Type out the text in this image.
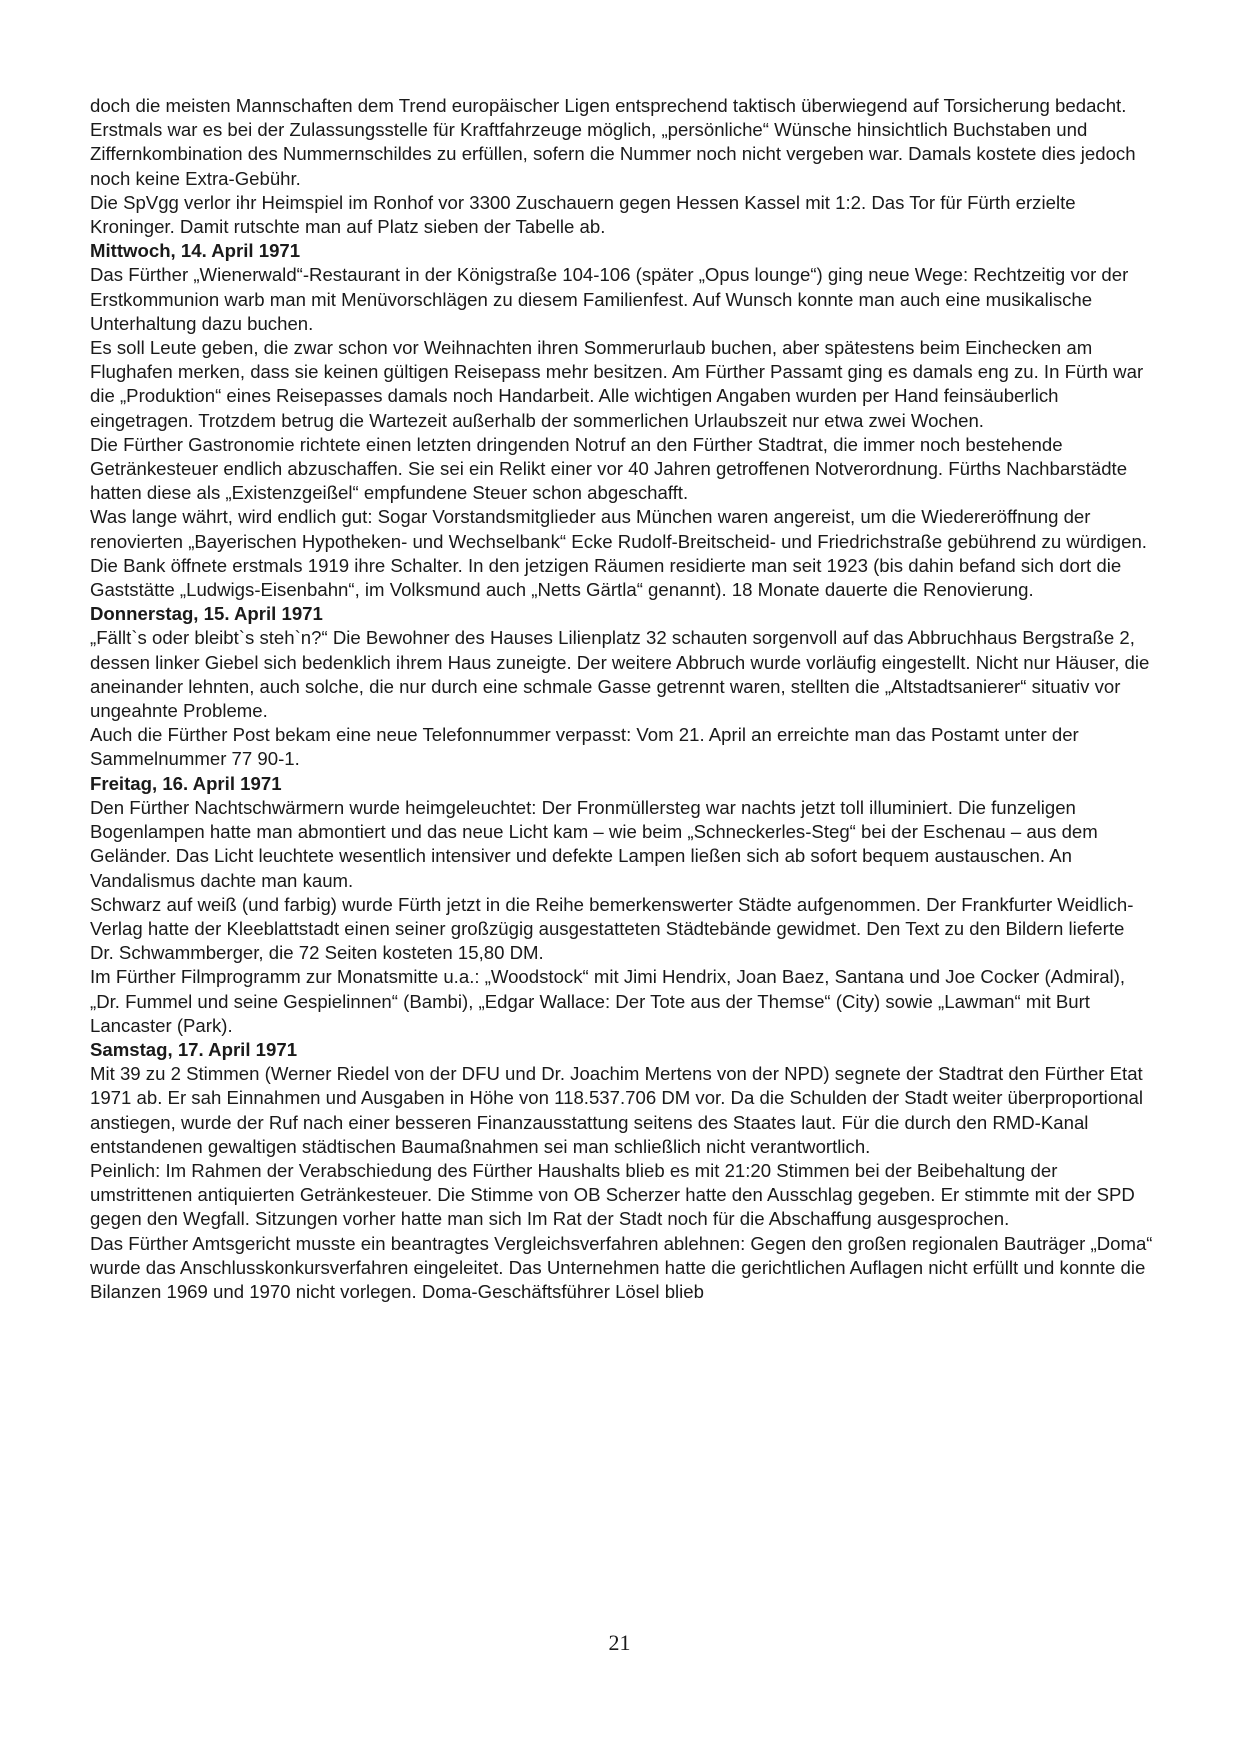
doch die meisten Mannschaften dem Trend europäischer Ligen entsprechend taktisch überwiegend auf Torsicherung bedacht.

Erstmals war es bei der Zulassungsstelle für Kraftfahrzeuge möglich, „persönliche“ Wünsche hinsichtlich Buchstaben und Ziffernkombination des Nummernschildes zu erfüllen, sofern die Nummer noch nicht vergeben war. Damals kostete dies jedoch noch keine Extra-Gebühr.

Die SpVgg verlor ihr Heimspiel im Ronhof vor 3300 Zuschauern gegen Hessen Kassel mit 1:2. Das Tor für Fürth erzielte Kroninger. Damit rutschte man auf Platz sieben der Tabelle ab.

Mittwoch, 14. April 1971

Das Fürther „Wienerwald“-Restaurant in der Königstraße 104-106 (später „Opus lounge“) ging neue Wege: Rechtzeitig vor der Erstkommunion warb man mit Menüvorschlägen zu diesem Familienfest. Auf Wunsch konnte man auch eine musikalische Unterhaltung dazu buchen.

Es soll Leute geben, die zwar schon vor Weihnachten ihren Sommerurlaub buchen, aber spätestens beim Einchecken am Flughafen merken, dass sie keinen gültigen Reisepass mehr besitzen. Am Fürther Passamt ging es damals eng zu. In Fürth war die „Produktion“ eines Reisepasses damals noch Handarbeit. Alle wichtigen Angaben wurden per Hand feinsäuberlich eingetragen. Trotzdem betrug die Wartezeit außerhalb der sommerlichen Urlaubszeit nur etwa zwei Wochen.

Die Fürther Gastronomie richtete einen letzten dringenden Notruf an den Fürther Stadtrat, die immer noch bestehende Getränkesteuer endlich abzuschaffen. Sie sei ein Relikt einer vor 40 Jahren getroffenen Notverordnung. Fürths Nachbarstädte hatten diese als „Existenzgeißel“ empfundene Steuer schon abgeschafft.

Was lange währt, wird endlich gut: Sogar Vorstandsmitglieder aus München waren angereist, um die Wiedereröffnung der renovierten „Bayerischen Hypotheken- und Wechselbank“ Ecke Rudolf-Breitscheid- und Friedrichstraße gebührend zu würdigen. Die Bank öffnete erstmals 1919 ihre Schalter. In den jetzigen Räumen residierte man seit 1923 (bis dahin befand sich dort die Gaststätte „Ludwigs-Eisenbahn“, im Volksmund auch „Netts Gärtla“ genannt). 18 Monate dauerte die Renovierung.

Donnerstag, 15. April 1971

„Fällt`s oder bleibt`s steh`n?“ Die Bewohner des Hauses Lilienplatz 32 schauten sorgenvoll auf das Abbruchhaus Bergstraße 2, dessen linker Giebel sich bedenklich ihrem Haus zuneigte. Der weitere Abbruch wurde vorläufig eingestellt. Nicht nur Häuser, die aneinander lehnten, auch solche, die nur durch eine schmale Gasse getrennt waren, stellten die „Altstadtsanierer“ situativ vor ungeahnte Probleme.

Auch die Fürther Post bekam eine neue Telefonnummer verpasst: Vom 21. April an erreichte man das Postamt unter der Sammelnummer 77 90-1.

Freitag, 16. April 1971

Den Fürther Nachtschwärmern wurde heimgeleuchtet: Der Fronmüllersteg war nachts jetzt toll illuminiert. Die funzeligen Bogenlampen hatte man abmontiert und das neue Licht kam – wie beim „Schneckerles-Steg“ bei der Eschenau – aus dem Geländer. Das Licht leuchtete wesentlich intensiver und defekte Lampen ließen sich ab sofort bequem austauschen. An Vandalismus dachte man kaum.

Schwarz auf weiß (und farbig) wurde Fürth jetzt in die Reihe bemerkenswerter Städte aufgenommen. Der Frankfurter Weidlich-Verlag hatte der Kleeblattstadt einen seiner großzügig ausgestatteten Städtebände gewidmet. Den Text zu den Bildern lieferte Dr. Schwammberger, die 72 Seiten kosteten 15,80 DM.

Im Fürther Filmprogramm zur Monatsmitte u.a.: „Woodstock“ mit Jimi Hendrix, Joan Baez, Santana und Joe Cocker (Admiral), „Dr. Fummel und seine Gespielinnen“ (Bambi), „Edgar Wallace: Der Tote aus der Themse“ (City) sowie „Lawman“ mit Burt Lancaster (Park).

Samstag, 17. April 1971

Mit 39 zu 2 Stimmen (Werner Riedel von der DFU und Dr. Joachim Mertens von der NPD) segnete der Stadtrat den Fürther Etat 1971 ab. Er sah Einnahmen und Ausgaben in Höhe von 118.537.706 DM vor. Da die Schulden der Stadt weiter überproportional anstiegen, wurde der Ruf nach einer besseren Finanzausstattung seitens des Staates laut. Für die durch den RMD-Kanal entstandenen gewaltigen städtischen Baumaßnahmen sei man schließlich nicht verantwortlich.

Peinlich: Im Rahmen der Verabschiedung des Fürther Haushalts blieb es mit 21:20 Stimmen bei der Beibehaltung der umstrittenen antiquierten Getränkesteuer. Die Stimme von OB Scherzer hatte den Ausschlag gegeben. Er stimmte mit der SPD gegen den Wegfall. Sitzungen vorher hatte man sich Im Rat der Stadt noch für die Abschaffung ausgesprochen.

Das Fürther Amtsgericht musste ein beantragtes Vergleichsverfahren ablehnen: Gegen den großen regionalen Bauträger „Doma“ wurde das Anschlusskonkursverfahren eingeleitet. Das Unternehmen hatte die gerichtlichen Auflagen nicht erfüllt und konnte die Bilanzen 1969 und 1970 nicht vorlegen. Doma-Geschäftsführer Lösel blieb

21
